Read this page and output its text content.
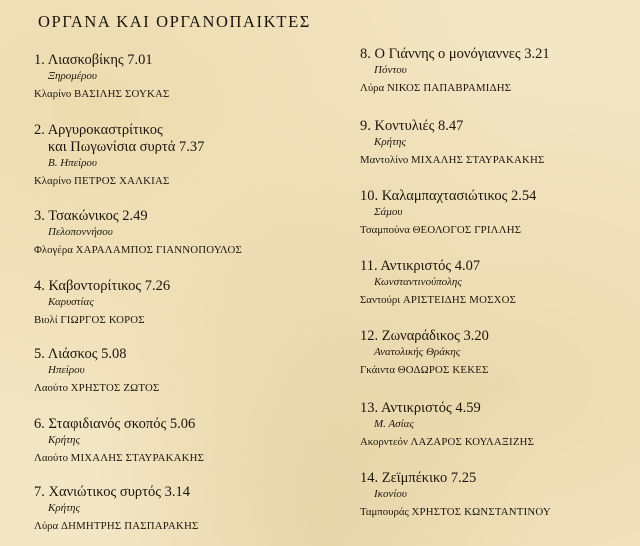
ΟΡΓΑΝΑ ΚΑΙ ΟΡΓΑΝΟΠΑΙΚΤΕΣ
1. Λιασκοβίκης 7.01
Ξηρομέρου
Κλαρίνο ΒΑΣΙΛΗΣ ΣΟΥΚΑΣ
2. Αργυροκαστρίτικος
και Πωγωνίσια συρτά 7.37
Β. Ηπείρου
Κλαρίνο ΠΕΤΡΟΣ ΧΑΛΚΙΑΣ
3. Τσακώνικος 2.49
Πελοποννήσου
Φλογέρα ΧΑΡΑΛΑΜΠΟΣ ΓΙΑΝΝΟΠΟΥΛΟΣ
4. Καβοντορίτικος 7.26
Καρυστίας
Βιολί ΓΙΩΡΓΟΣ ΚΟΡΟΣ
5. Λιάσκος 5.08
Ηπείρου
Λαούτο ΧΡΗΣΤΟΣ ΖΩΤΟΣ
6. Σταφιδιανός σκοπός 5.06
Κρήτης
Λαούτο ΜΙΧΑΛΗΣ ΣΤΑΥΡΑΚΑΚΗΣ
7. Χανιώτικος συρτός 3.14
Κρήτης
Λύρα ΔΗΜΗΤΡΗΣ ΠΑΣΠΑΡΑΚΗΣ
8. Ο Γιάννης ο μονόγιαννες 3.21
Πόντου
Λύρα ΝΙΚΟΣ ΠΑΠΑΒΡΑΜΙΔΗΣ
9. Κοντυλιές 8.47
Κρήτης
Μαντολίνο ΜΙΧΑΛΗΣ ΣΤΑΥΡΑΚΑΚΗΣ
10. Καλαμπαχτασιώτικος 2.54
Σάμου
Τσαμπούνα ΘΕΟΛΟΓΟΣ ΓΡΙΛΛΗΣ
11. Αντικριστός 4.07
Κωνσταντινούπολης
Σαντούρι ΑΡΙΣΤΕΙΔΗΣ ΜΟΣΧΟΣ
12. Ζωναράδικος 3.20
Ανατολικής Θράκης
Γκάιντα ΘΟΔΩΡΟΣ ΚΕΚΕΣ
13. Αντικριστός 4.59
Μ. Ασίας
Ακορντεόν ΛΑΖΑΡΟΣ ΚΟΥΛΑΞΙΖΗΣ
14. Ζεϊμπέκικο 7.25
Ικονίου
Ταμπουράς ΧΡΗΣΤΟΣ ΚΩΝΣΤΑΝΤΙΝΟΥ
